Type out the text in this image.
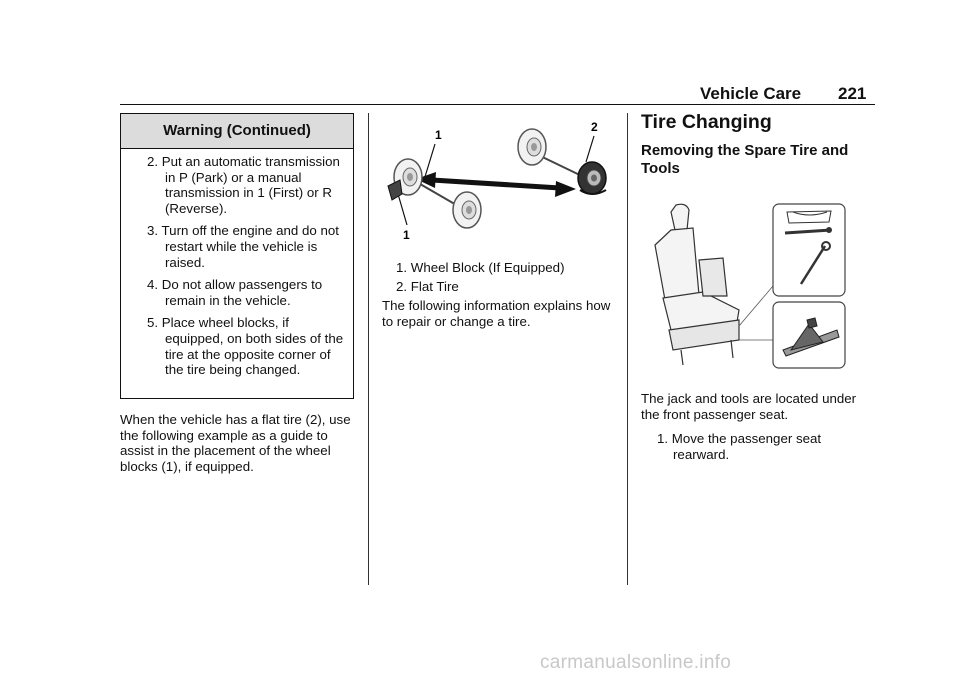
Vehicle Care 221
Warning (Continued)
2. Put an automatic transmission in P (Park) or a manual transmission in 1 (First) or R (Reverse).
3. Turn off the engine and do not restart while the vehicle is raised.
4. Do not allow passengers to remain in the vehicle.
5. Place wheel blocks, if equipped, on both sides of the tire at the opposite corner of the tire being changed.
When the vehicle has a flat tire (2), use the following example as a guide to assist in the placement of the wheel blocks (1), if equipped.
1
2
1
1. Wheel Block (If Equipped)
2. Flat Tire
The following information explains how to repair or change a tire.
Tire Changing
Removing the Spare Tire and Tools
The jack and tools are located under the front passenger seat.
1. Move the passenger seat rearward.
carmanualsonline.info
